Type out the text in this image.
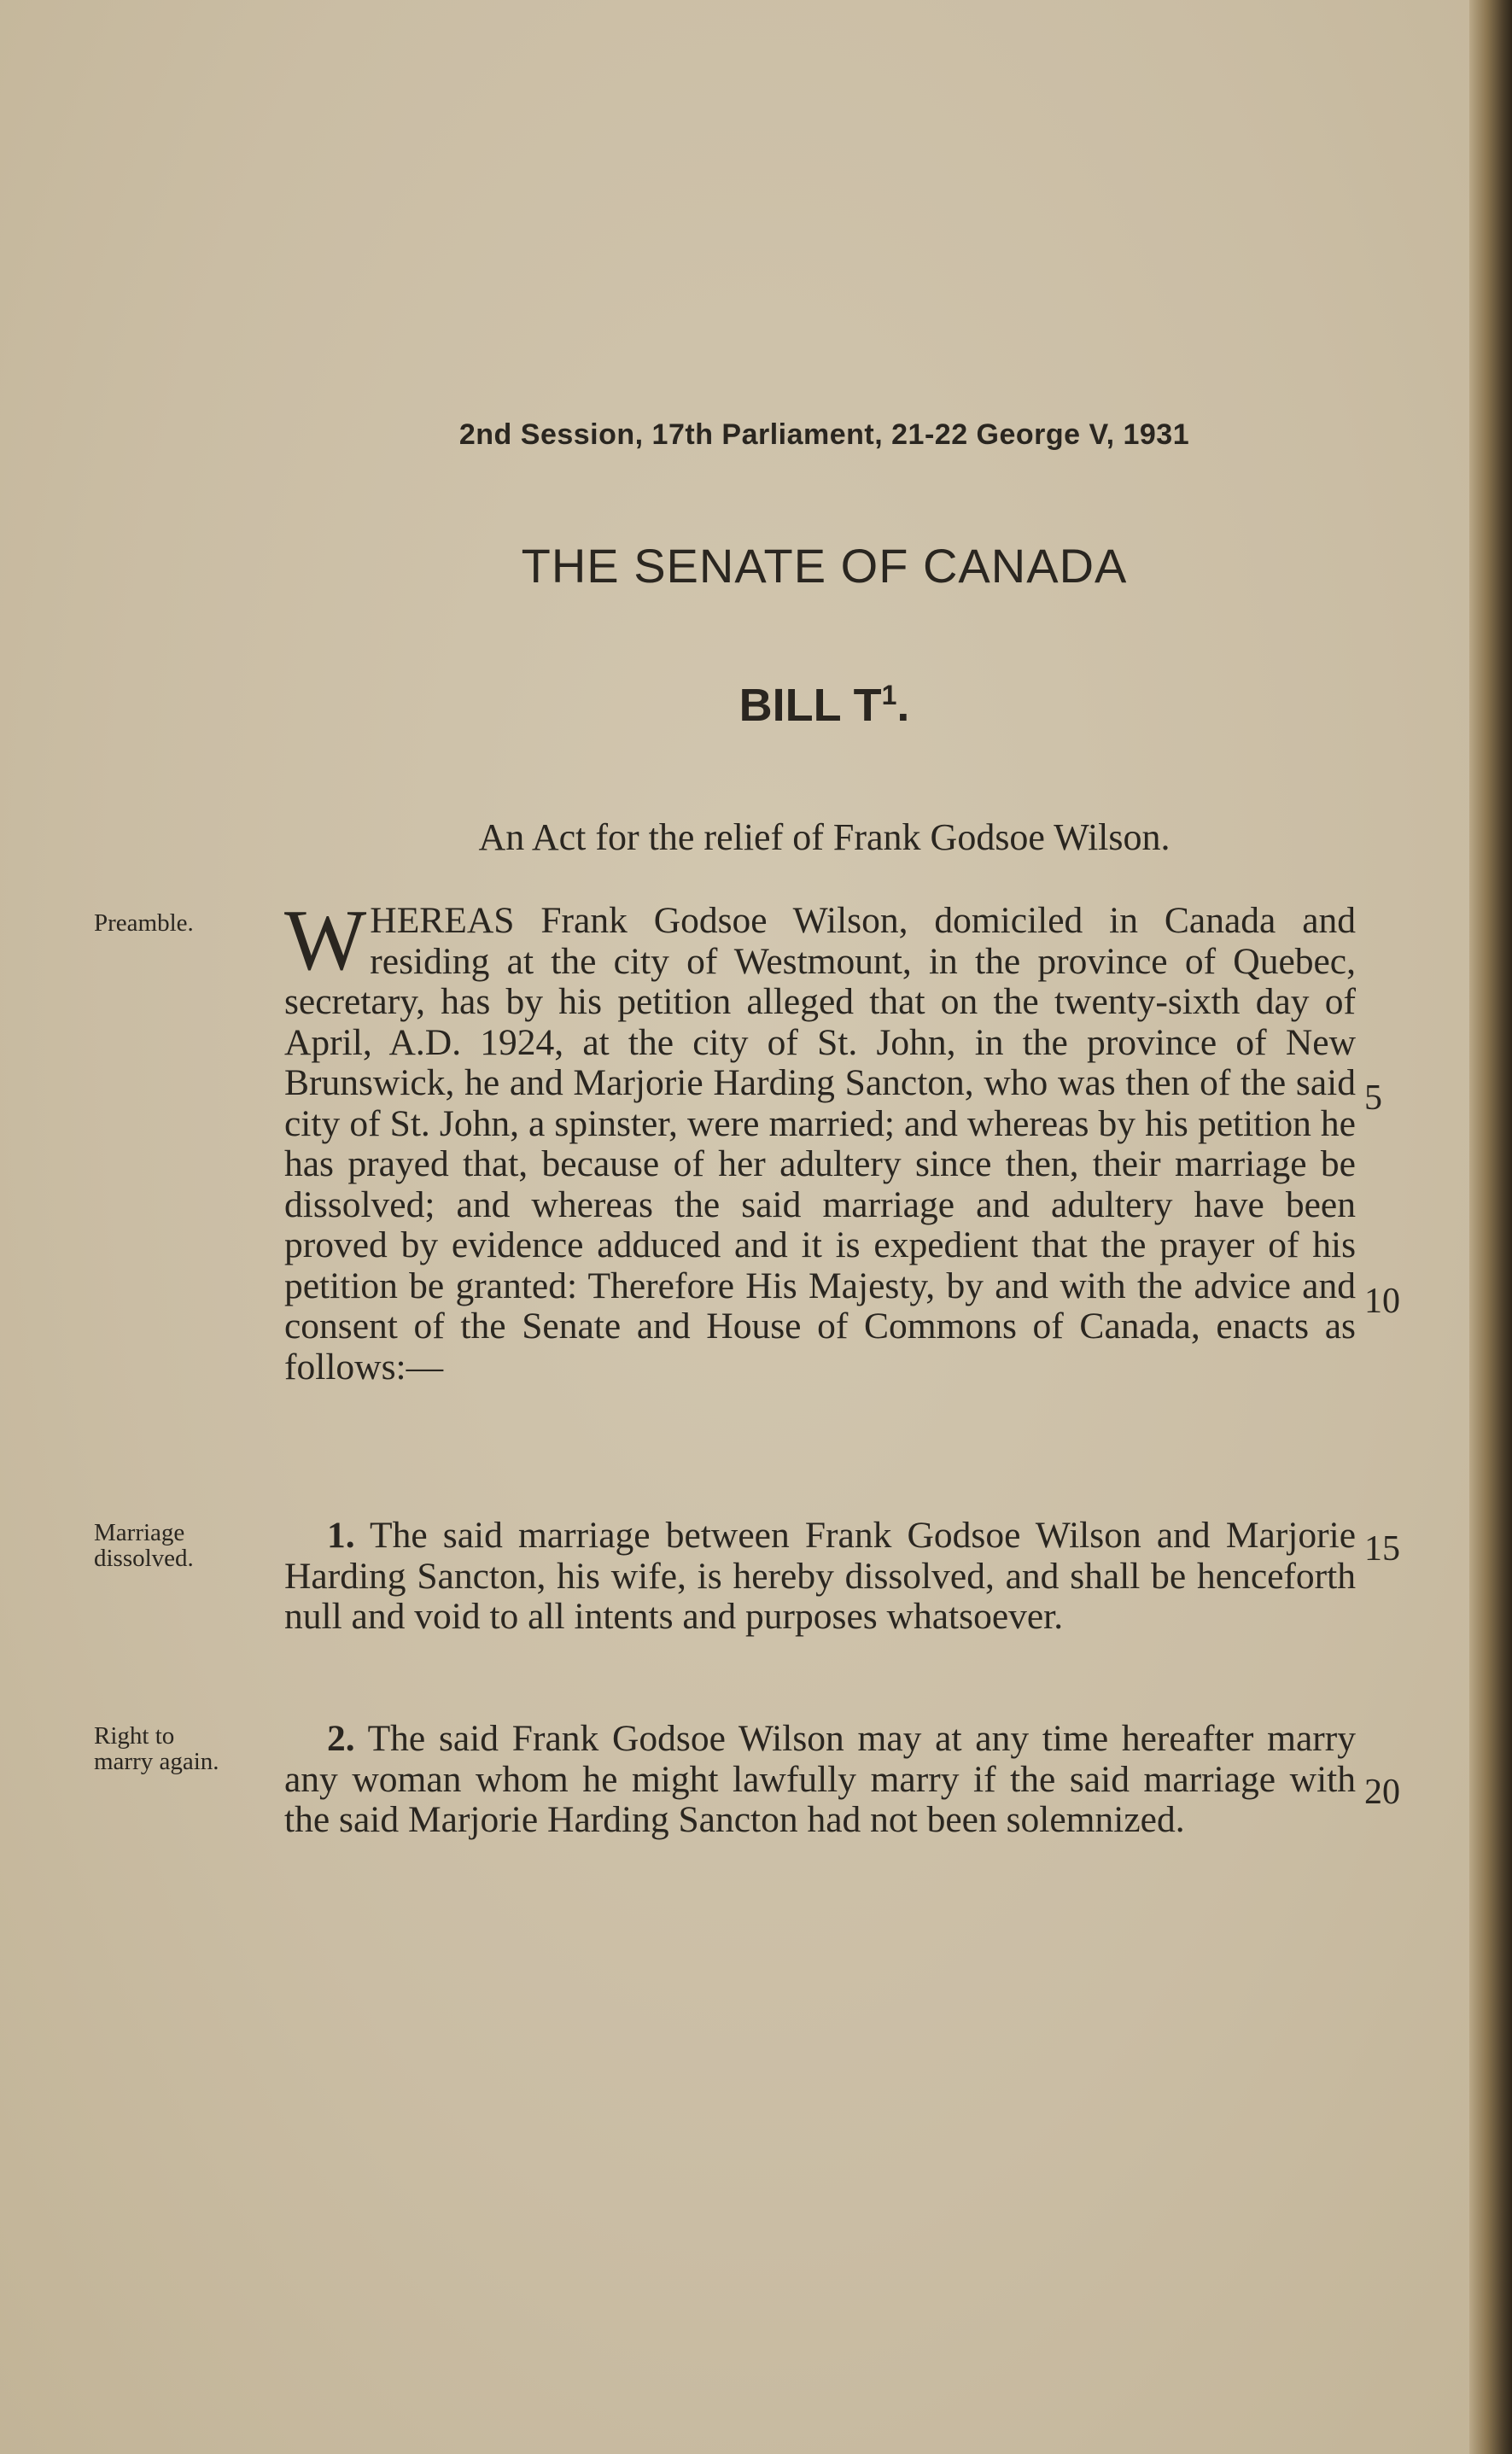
2nd Session, 17th Parliament, 21-22 George V, 1931
THE SENATE OF CANADA
BILL $T^1$.
An Act for the relief of Frank Godsoe Wilson.
Preamble.
Marriage
dissolved.
Right to
marry again.
5
10
15
20
WHEREAS Frank Godsoe Wilson, domiciled in Canada and residing at the city of Westmount, in the province of Quebec, secretary, has by his petition alleged that on the twenty-sixth day of April, A.D. 1924, at the city of St. John, in the province of New Brunswick, he and Marjorie Harding Sancton, who was then of the said city of St. John, a spinster, were married; and whereas by his petition he has prayed that, because of her adultery since then, their marriage be dissolved; and whereas the said marriage and adultery have been proved by evidence adduced and it is expedient that the prayer of his petition be granted: Therefore His Majesty, by and with the advice and consent of the Senate and House of Commons of Canada, enacts as follows:—
1. The said marriage between Frank Godsoe Wilson and Marjorie Harding Sancton, his wife, is hereby dissolved, and shall be henceforth null and void to all intents and purposes whatsoever.
2. The said Frank Godsoe Wilson may at any time hereafter marry any woman whom he might lawfully marry if the said marriage with the said Marjorie Harding Sancton had not been solemnized.
